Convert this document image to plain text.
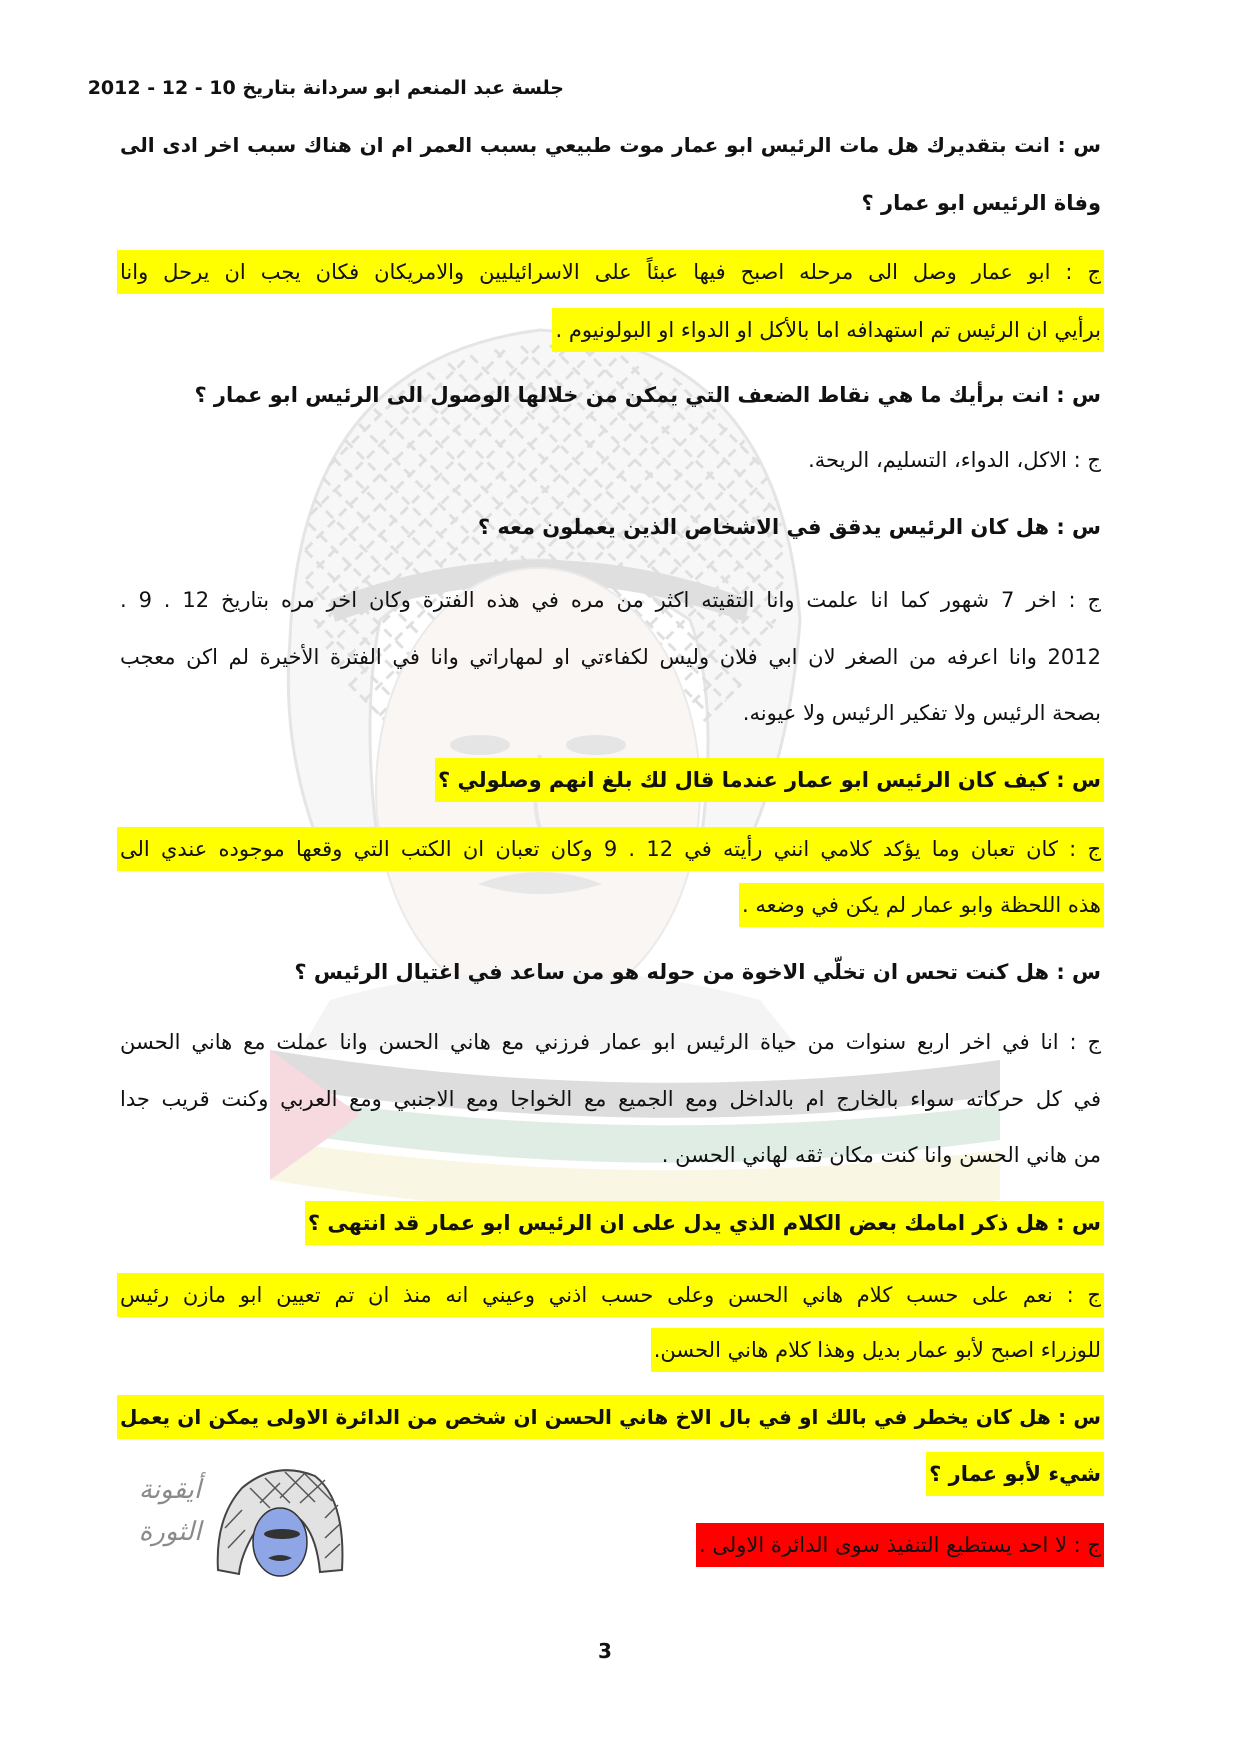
جلسة عبد المنعم ابو سردانة بتاريخ 10 - 12 - 2012
س : انت بتقديرك هل مات الرئيس ابو عمار موت طبيعي بسبب العمر ام ان هناك سبب اخر ادى الى
وفاة الرئيس ابو عمار ؟
ج : ابو عمار وصل الى مرحله اصبح فيها عبئاً على الاسرائيليين والامريكان فكان يجب ان يرحل وانا
برأيي ان الرئيس تم استهدافه اما بالأكل او الدواء او البولونيوم .
س : انت برأيك ما هي نقاط الضعف التي يمكن من خلالها الوصول الى الرئيس ابو عمار ؟
ج : الاكل، الدواء، التسليم، الريحة.
س : هل كان الرئيس يدقق في الاشخاص الذين يعملون معه ؟
ج : اخر 7 شهور كما انا علمت وانا التقيته اكثر من مره في هذه الفترة وكان اخر مره بتاريخ 12 . 9 .
2012 وانا اعرفه من الصغر لان ابي فلان وليس لكفاءتي او لمهاراتي وانا في الفترة الأخيرة لم اكن معجب
بصحة الرئيس ولا تفكير الرئيس ولا عيونه.
س : كيف كان الرئيس ابو عمار عندما قال لك بلغ انهم وصلولي ؟
ج : كان تعبان وما يؤكد كلامي انني رأيته في 12 . 9 وكان تعبان ان الكتب التي وقعها موجوده عندي الى
هذه اللحظة وابو عمار لم يكن في وضعه .
س : هل كنت تحس ان تخلّي الاخوة من حوله هو من ساعد في اغتيال الرئيس ؟
ج : انا في اخر اربع سنوات من حياة الرئيس ابو عمار فرزني مع هاني الحسن وانا عملت مع هاني الحسن
في كل حركاته سواء بالخارج ام بالداخل ومع الجميع مع الخواجا ومع الاجنبي ومع العربي وكنت قريب جدا
من هاني الحسن وانا كنت مكان ثقه لهاني الحسن .
س : هل ذكر امامك بعض الكلام الذي يدل على ان الرئيس ابو عمار قد انتهى ؟
ج : نعم على حسب كلام هاني الحسن وعلى حسب اذني وعيني انه منذ ان تم تعيين ابو مازن رئيس
للوزراء اصبح لأبو عمار بديل وهذا كلام هاني الحسن.
س : هل كان يخطر في بالك او في بال الاخ هاني الحسن ان شخص من الدائرة الاولى يمكن ان يعمل
شيء لأبو عمار ؟
ج : لا احد يستطيع التنفيذ سوى الدائرة الاولى .
أيقونة
الثورة
3
